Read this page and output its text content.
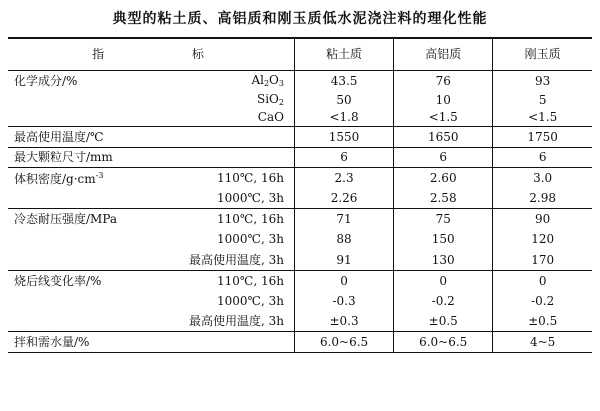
典型的粘土质、高铝质和刚玉质低水泥浇注料的理化性能
指 标		粘土质	高铝质	刚玉质
化学成分/%	$Al_2O_3$	43.5	76	93
	SiO$_2$	50	10	5
	CaO	<1.8	<1.5	<1.5
最高使用温度/℃		1550	1650	1750
最大颗粒尺寸/mm		6	6	6
体积密度$/g\cdot cm^{-3}$	110℃, 16h	2.3	2.60	3.0
	1000℃, 3h	2.26	2.58	2.98
冷态耐压强度/MPa	110℃, 16h	71	75	90
	1000℃, 3h	88	150	120
	最高使用温度, 3h	91	130	170
烧后线变化率/%	110℃, 16h	0	0	0
	1000℃, 3h	-0.3	-0.2	-0.2
	最高使用温度, 3h	±0.3	±0.5	±0.5
拌和需水量/%		6.0~6.5	6.0~6.5	4~5
